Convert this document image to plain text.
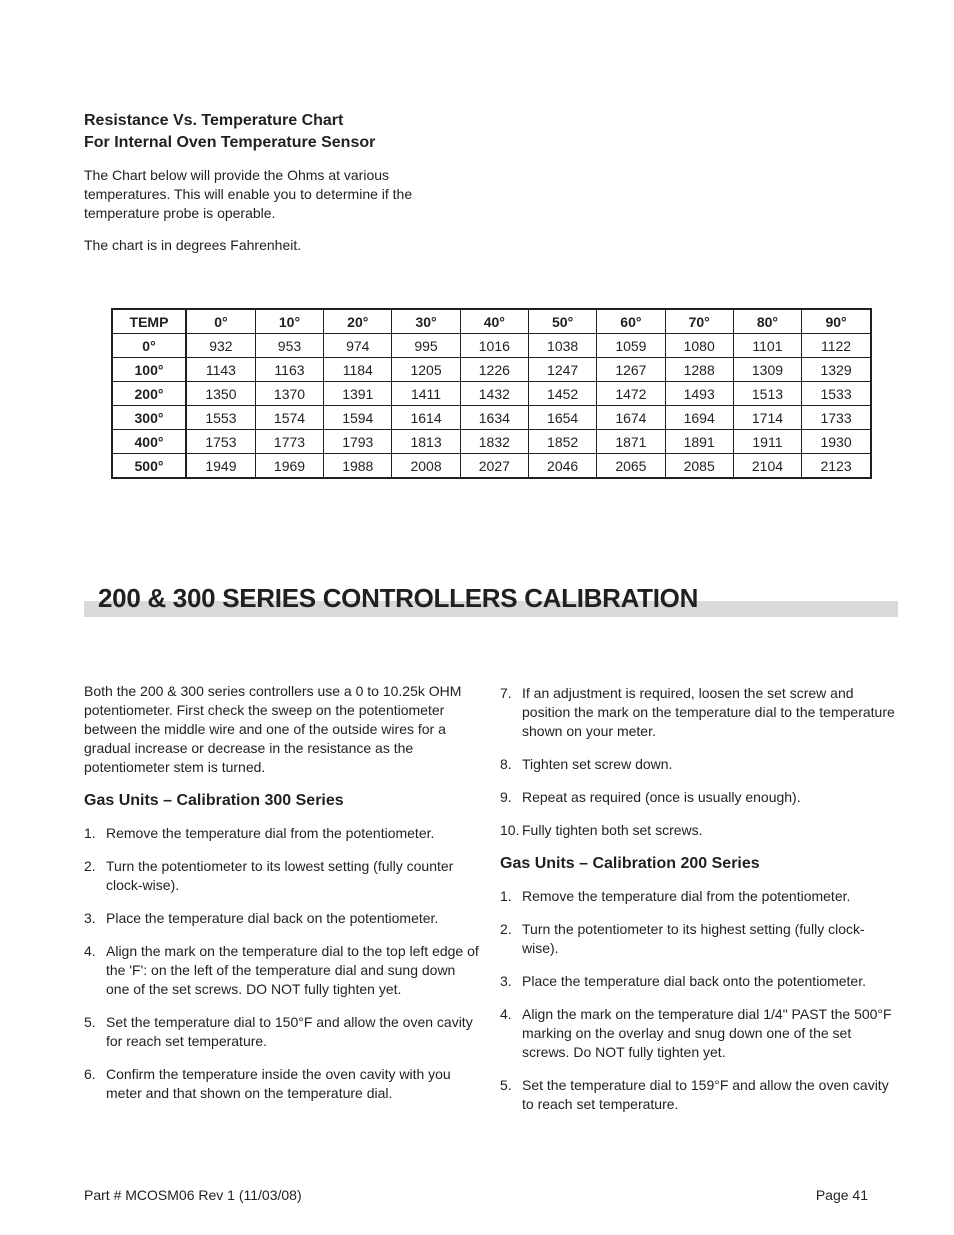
Resistance Vs. Temperature Chart
For Internal Oven Temperature Sensor
The Chart below will provide the Ohms at various temperatures. This will enable you to determine if the temperature probe is operable.
The chart is in degrees Fahrenheit.
TEMP	0°	10°	20°	30°	40°	50°	60°	70°	80°	90°
0°	932	953	974	995	1016	1038	1059	1080	1101	1122
100°	1143	1163	1184	1205	1226	1247	1267	1288	1309	1329
200°	1350	1370	1391	1411	1432	1452	1472	1493	1513	1533
300°	1553	1574	1594	1614	1634	1654	1674	1694	1714	1733
400°	1753	1773	1793	1813	1832	1852	1871	1891	1911	1930
500°	1949	1969	1988	2008	2027	2046	2065	2085	2104	2123
200 & 300 SERIES CONTROLLERS CALIBRATION

Both the 200 & 300 series controllers use a 0 to 10.25k OHM potentiometer. First check the sweep on the potentiometer between the middle wire and one of the outside wires for a gradual increase or decrease in the resistance as the potentiometer stem is turned.

Gas Units – Calibration 300 Series
1. Remove the temperature dial from the potentiometer.
2. Turn the potentiometer to its lowest setting (fully counter clock-wise).
3. Place the temperature dial back on the potentiometer.
4. Align the mark on the temperature dial to the top left edge of the 'F': on the left of the temperature dial and sung down one of the set screws. DO NOT fully tighten yet.
5. Set the temperature dial to 150°F and allow the oven cavity for reach set temperature.
6. Confirm the temperature inside the oven cavity with you meter and that shown on the temperature dial.
7. If an adjustment is required, loosen the set screw and position the mark on the temperature dial to the temperature shown on your meter.
8. Tighten set screw down.
9. Repeat as required (once is usually enough).
10. Fully tighten both set screws.
Gas Units – Calibration 200 Series
1. Remove the temperature dial from the potentiometer.
2. Turn the potentiometer to its highest setting (fully clock-wise).
3. Place the temperature dial back onto the potentiometer.
4. Align the mark on the temperature dial 1/4" PAST the 500°F marking on the overlay and snug down one of the set screws. Do NOT fully tighten yet.
5. Set the temperature dial to 159°F and allow the oven cavity to reach set temperature.
Part # MCOSM06 Rev 1 (11/03/08)	Page 41
